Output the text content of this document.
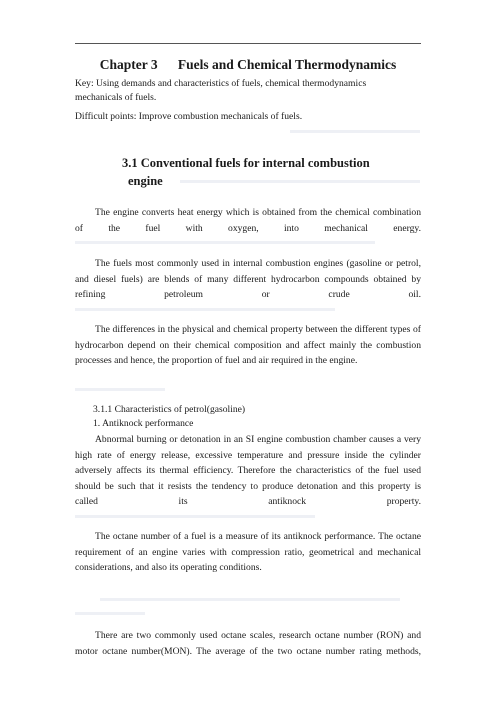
Chapter 3      Fuels and Chemical Thermodynamics
Key: Using demands and characteristics of fuels, chemical thermodynamics
mechanicals of fuels.
Difficult points: Improve combustion mechanicals of fuels.
3.1 Conventional fuels for internal combustion
engine
The engine converts heat energy which is obtained from the chemical combination of the fuel with oxygen, into mechanical energy.
The fuels most commonly used in internal combustion engines (gasoline or petrol, and diesel fuels) are blends of many different hydrocarbon compounds obtained by refining petroleum or crude oil.
The differences in the physical and chemical property between the different types of hydrocarbon depend on their chemical composition and affect mainly the combustion processes and hence, the proportion of fuel and air required in the engine.
3.1.1 Characteristics of petrol(gasoline)
1. Antiknock performance
Abnormal burning or detonation in an SI engine combustion chamber causes a very high rate of energy release, excessive temperature and pressure inside the cylinder adversely affects its thermal efficiency. Therefore the characteristics of the fuel used should be such that it resists the tendency to produce detonation and this property is called its antiknock property.
The octane number of a fuel is a measure of its antiknock performance. The octane requirement of an engine varies with compression ratio, geometrical and mechanical considerations, and also its operating conditions.
There are two commonly used octane scales, research octane number (RON) and motor octane number(MON). The average of the two octane number rating methods,
